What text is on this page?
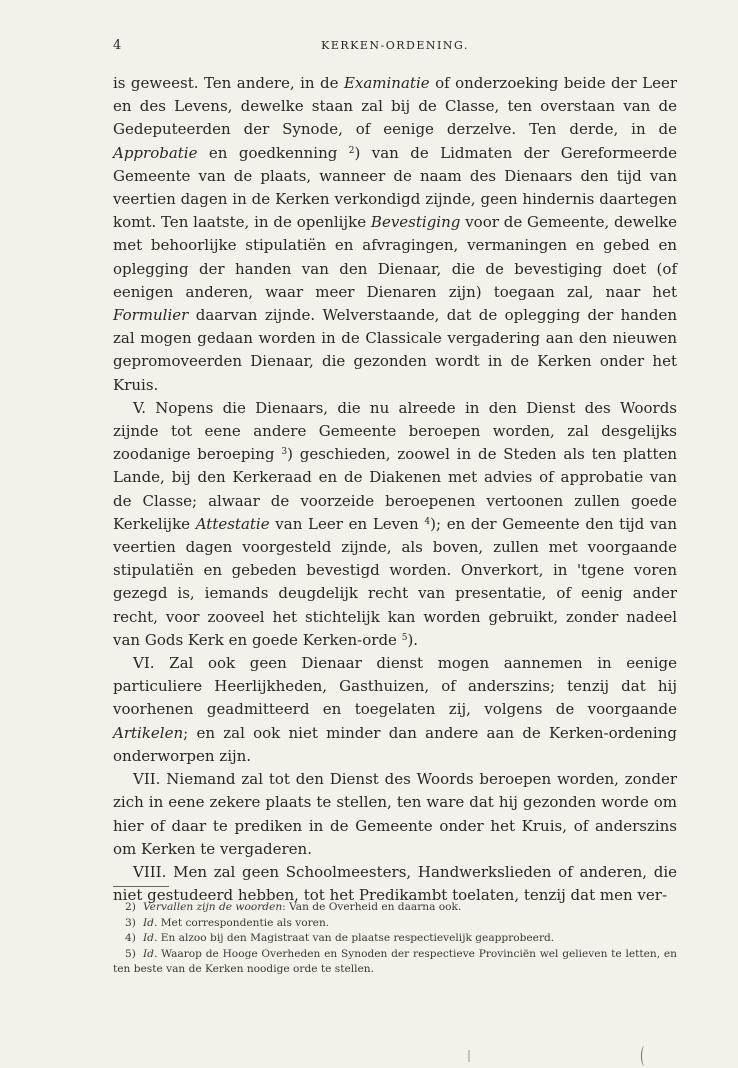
4	KERKEN-ORDENING.

is geweest. Ten andere, in de Examinatie of onderzoeking beide der Leer en des Levens, dewelke staan zal bij de Classe, ten overstaan van de Gedeputeerden der Synode, of eenige derzelve. Ten derde, in de Approbatie en goedkenning $^2$) van de Lidmaten der Gereformeerde Gemeente van de plaats, wanneer de naam des Dienaars den tijd van veertien dagen in de Kerken verkondigd zijnde, geen hindernis daartegen komt. Ten laatste, in de openlijke Bevestiging voor de Gemeente, dewelke met behoorlijke stipulatiën en afvragingen, vermaningen en gebed en oplegging der handen van den Dienaar, die de bevestiging doet (of eenigen anderen, waar meer Dienaren zijn) toegaan zal, naar het Formulier daarvan zijnde. Welverstaande, dat de oplegging der handen zal mogen gedaan worden in de Classicale vergadering aan den nieuwen gepromoveerden Dienaar, die gezonden wordt in de Kerken onder het Kruis.

V. Nopens die Dienaars, die nu alreede in den Dienst des Woords zijnde tot eene andere Gemeente beroepen worden, zal desgelijks zoodanige beroeping $^3$) geschieden, zoowel in de Steden als ten platten Lande, bij den Kerkeraad en de Diakenen met advies of approbatie van de Classe; alwaar de voorzeide beroepenen vertoonen zullen goede Kerkelijke Attestatie van Leer en Leven $^4$); en der Gemeente den tijd van veertien dagen voorgesteld zijnde, als boven, zullen met voorgaande stipulatiën en gebeden bevestigd worden. Onverkort, in 'tgene voren gezegd is, iemands deugdelijk recht van presentatie, of eenig ander recht, voor zooveel het stichtelijk kan worden gebruikt, zonder nadeel van Gods Kerk en goede Kerken-orde $^5$).

VI. Zal ook geen Dienaar dienst mogen aannemen in eenige particuliere Heerlijkheden, Gasthuizen, of anderszins; tenzij dat hij voorhenen geadmitteerd en toegelaten zij, volgens de voorgaande Artikelen; en zal ook niet minder dan andere aan de Kerken-ordening onderworpen zijn.

VII. Niemand zal tot den Dienst des Woords beroepen worden, zonder zich in eene zekere plaats te stellen, ten ware dat hij gezonden worde om hier of daar te prediken in de Gemeente onder het Kruis, of anderszins om Kerken te vergaderen.

VIII. Men zal geen Schoolmeesters, Handwerkslieden of anderen, die niet gestudeerd hebben, tot het Predikambt toelaten, tenzij dat men ver-

2) Vervallen zijn de woorden: Van de Overheid en daarna ook.

3) Id. Met correspondentie als voren.

4) Id. En alzoo bij den Magistraat van de plaatse respectievelijk geapprobeerd.

5) Id. Waarop de Hooge Overheden en Synoden der respectieve Provinciën wel gelieven te letten, en ten beste van de Kerken noodige orde te stellen.
